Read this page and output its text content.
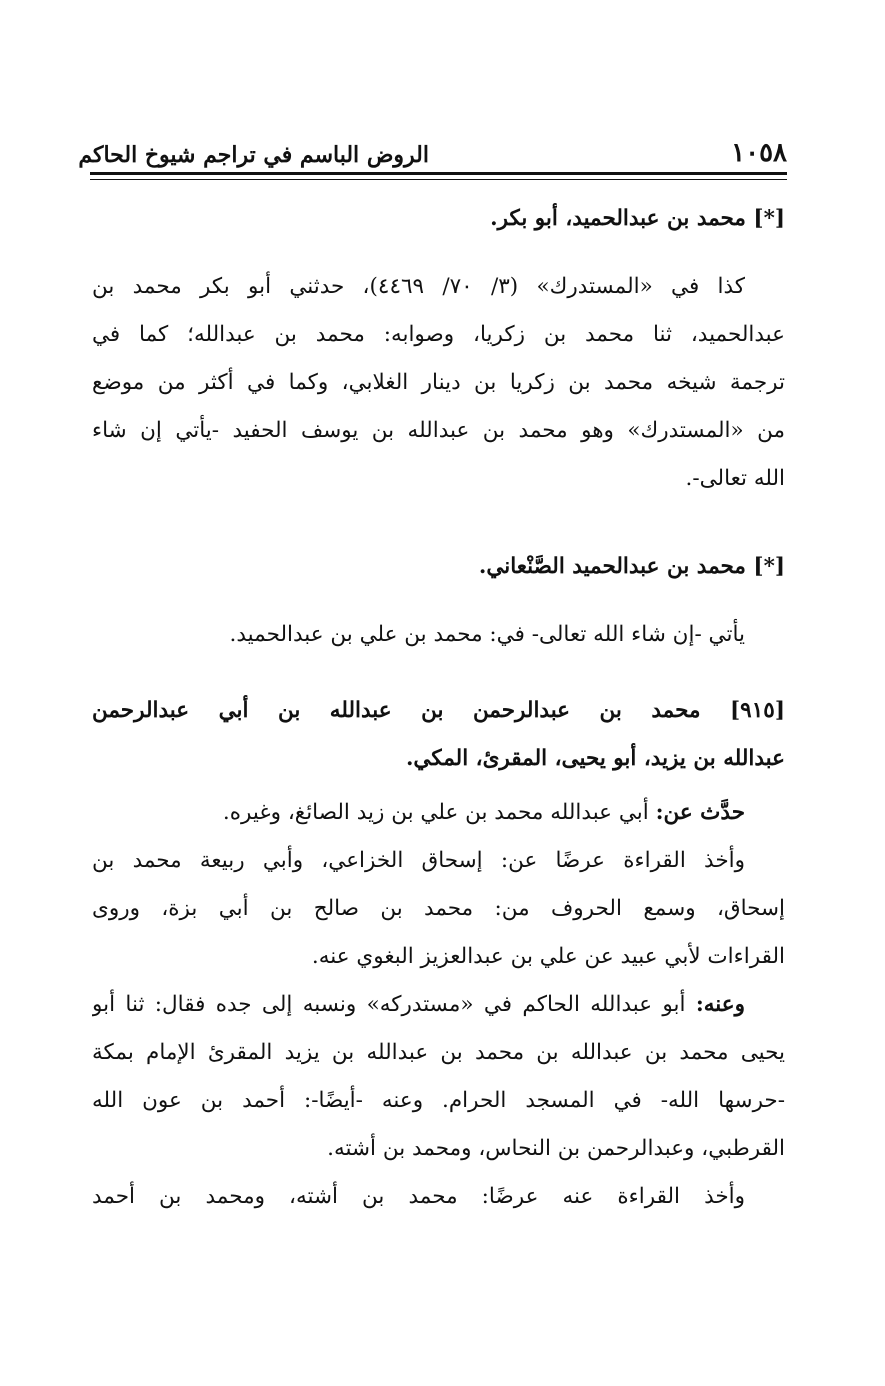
١٠٥٨
الروض الباسم في تراجم شيوخ الحاكم
[*] محمد بن عبدالحميد، أبو بكر.
كذا في «المستدرك» (٣/ ٧٠/ ٤٤٦٩)، حدثني أبو بكر محمد بن
عبدالحميد، ثنا محمد بن زكريا، وصوابه: محمد بن عبدالله؛ كما في
ترجمة شيخه محمد بن زكريا بن دينار الغلابي، وكما في أكثر من موضع
من «المستدرك» وهو محمد بن عبدالله بن يوسف الحفيد -يأتي إن شاء
الله تعالى-.
[*] محمد بن عبدالحميد الصَّنْعاني.
يأتي -إن شاء الله تعالى- في: محمد بن علي بن عبدالحميد.
[٩١٥] محمد بن عبدالرحمن بن عبدالله بن أبي عبدالرحمن
عبدالله بن يزيد، أبو يحيى، المقرئ، المكي.
حدَّث عن: أبي عبدالله محمد بن علي بن زيد الصائغ، وغيره.
وأخذ القراءة عرضًا عن: إسحاق الخزاعي، وأبي ربيعة محمد بن
إسحاق، وسمع الحروف من: محمد بن صالح بن أبي بزة، وروى
القراءات لأبي عبيد عن علي بن عبدالعزيز البغوي عنه.
وعنه: أبو عبدالله الحاكم في «مستدركه» ونسبه إلى جده فقال: ثنا أبو
يحيى محمد بن عبدالله بن محمد بن عبدالله بن يزيد المقرئ الإمام بمكة
-حرسها الله- في المسجد الحرام. وعنه -أيضًا-: أحمد بن عون الله
القرطبي، وعبدالرحمن بن النحاس، ومحمد بن أشته.
وأخذ القراءة عنه عرضًا: محمد بن أشته، ومحمد بن أحمد
